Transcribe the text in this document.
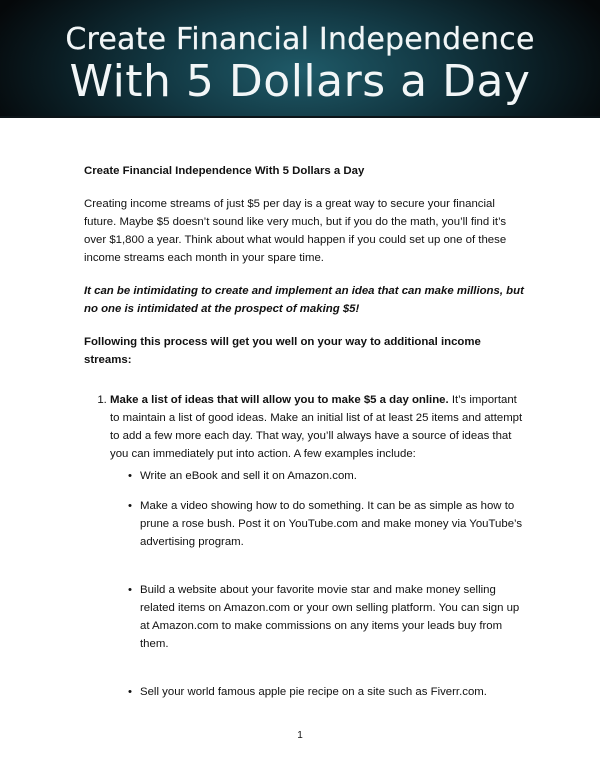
Create Financial Independence
With 5 Dollars a Day
Create Financial Independence With 5 Dollars a Day

Creating income streams of just $5 per day is a great way to secure your financial future. Maybe $5 doesn’t sound like very much, but if you do the math, you’ll find it’s over $1,800 a year. Think about what would happen if you could set up one of these income streams each month in your spare time.

It can be intimidating to create and implement an idea that can make millions, but no one is intimidated at the prospect of making $5!

Following this process will get you well on your way to additional income streams:

1. Make a list of ideas that will allow you to make $5 a day online. It’s important to maintain a list of good ideas. Make an initial list of at least 25 items and attempt to add a few more each day. That way, you’ll always have a source of ideas that you can immediately put into action. A few examples include:
• Write an eBook and sell it on Amazon.com.
• Make a video showing how to do something. It can be as simple as how to prune a rose bush. Post it on YouTube.com and make money via YouTube’s advertising program.
• Build a website about your favorite movie star and make money selling related items on Amazon.com or your own selling platform. You can sign up at Amazon.com to make commissions on any items your leads buy from them.
• Sell your world famous apple pie recipe on a site such as Fiverr.com.
1
